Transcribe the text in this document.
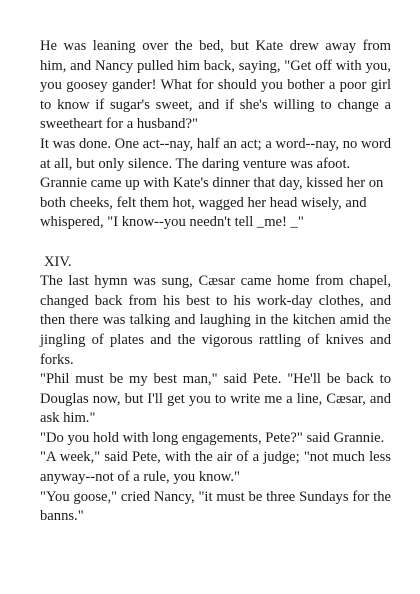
He was leaning over the bed, but Kate drew away from him, and Nancy pulled him back, saying, "Get off with you, you goosey gander! What for should you bother a poor girl to know if sugar's sweet, and if she's willing to change a sweetheart for a husband?"

It was done. One act--nay, half an act; a word--nay, no word at all, but only silence. The daring venture was afoot.

Grannie came up with Kate's dinner that day, kissed her on both cheeks, felt them hot, wagged her head wisely, and whispered, "I know--you needn't tell _me! _"

XIV.

The last hymn was sung, Cæsar came home from chapel, changed back from his best to his work-day clothes, and then there was talking and laughing in the kitchen amid the jingling of plates and the vigorous rattling of knives and forks.

"Phil must be my best man," said Pete. "He'll be back to Douglas now, but I'll get you to write me a line, Cæsar, and ask him."

"Do you hold with long engagements, Pete?" said Grannie.

"A week," said Pete, with the air of a judge; "not much less anyway--not of a rule, you know."

"You goose," cried Nancy, "it must be three Sundays for the banns."
